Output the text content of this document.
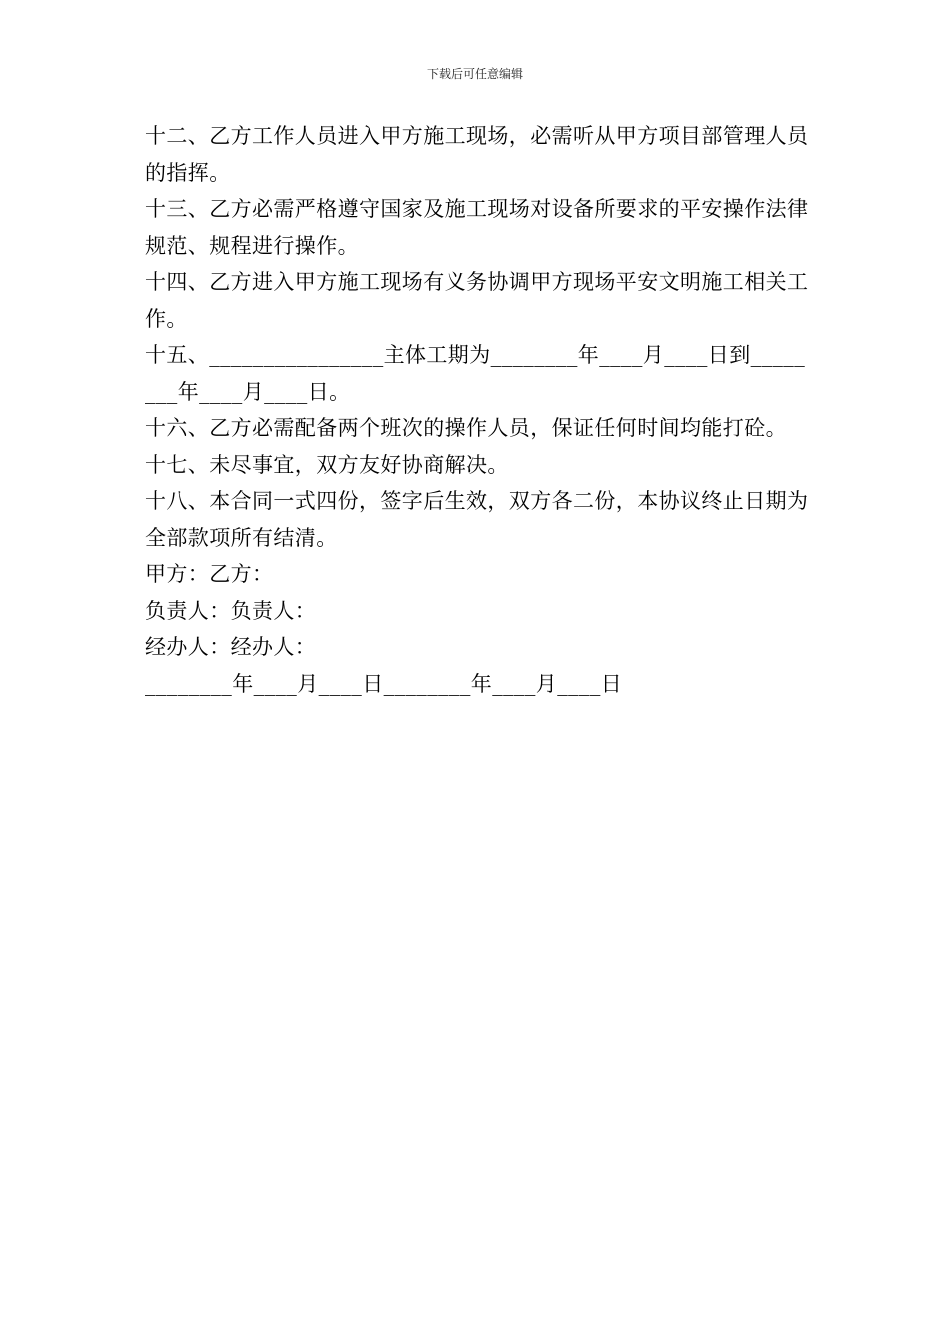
下载后可任意编辑

十二、乙方工作人员进入甲方施工现场，必需听从甲方项目部管理人员的指挥。

十三、乙方必需严格遵守国家及施工现场对设备所要求的平安操作法律规范、规程进行操作。

十四、乙方进入甲方施工现场有义务协调甲方现场平安文明施工相关工作。

十五、________________主体工期为________年____月____日到________年____月____日。

十六、乙方必需配备两个班次的操作人员，保证任何时间均能打砼。

十七、未尽事宜，双方友好协商解决。

十八、本合同一式四份，签字后生效，双方各二份，本协议终止日期为全部款项所有结清。

甲方：乙方：

负责人：负责人：

经办人：经办人：

________年____月____日________年____月____日
